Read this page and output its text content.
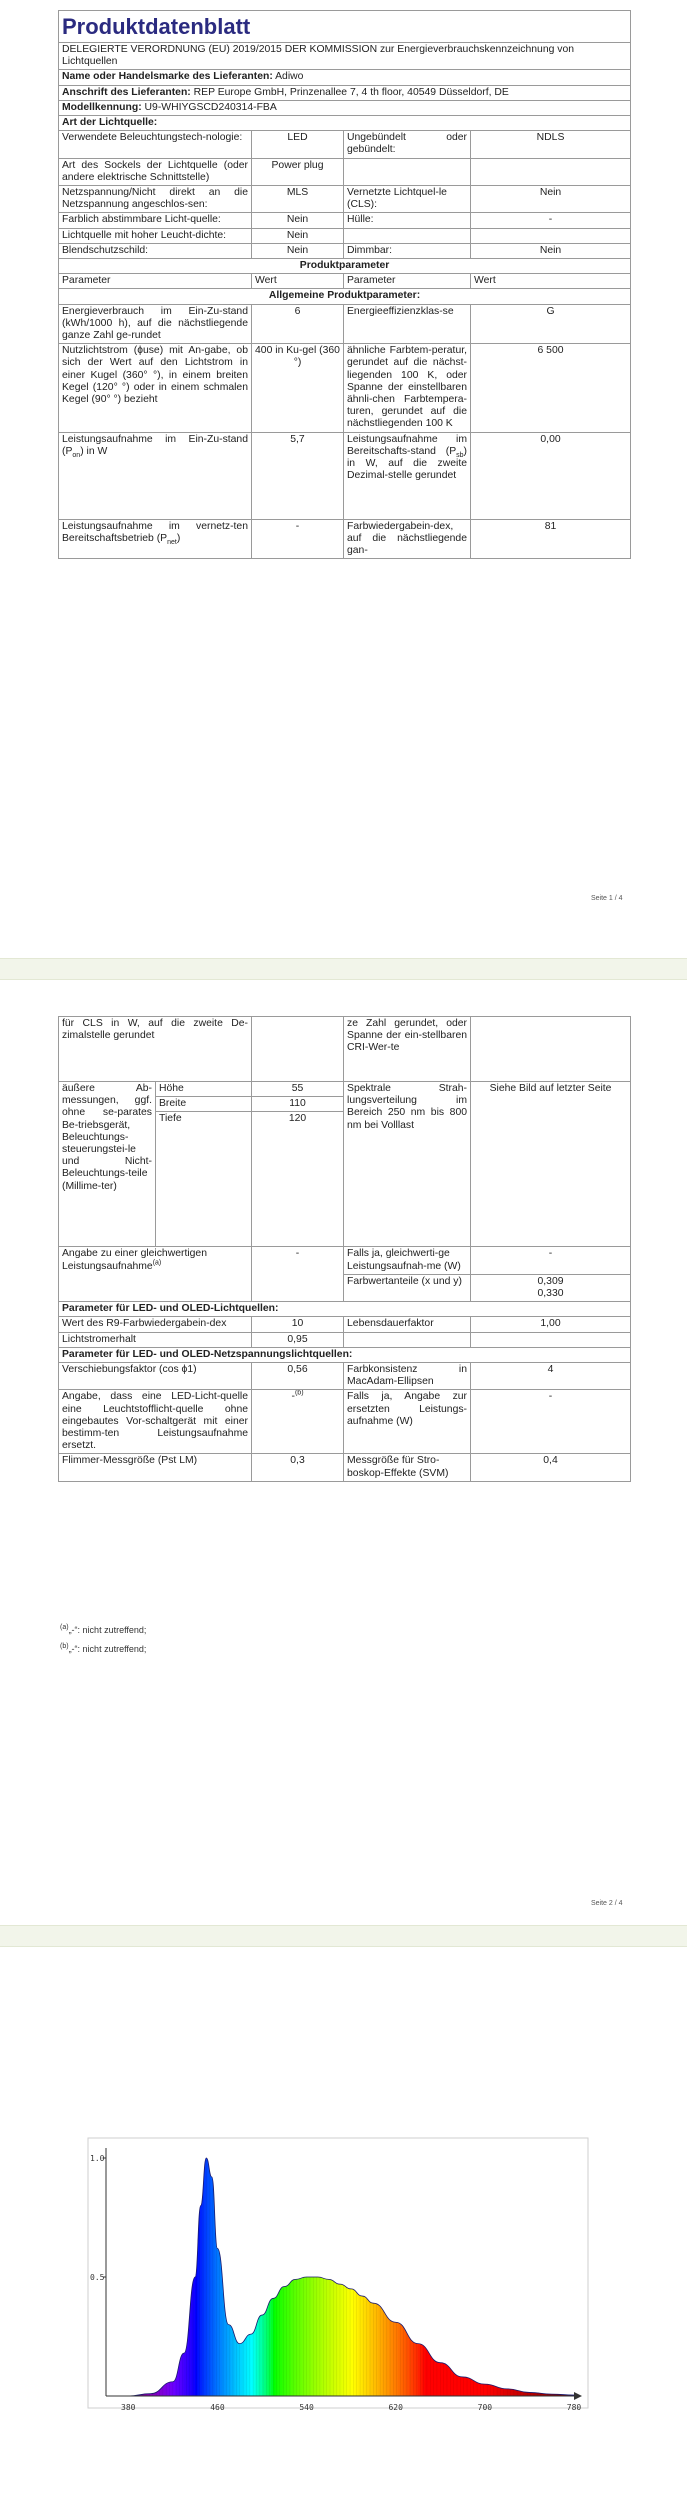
Produktdatenblatt			
DELEGIERTE VERORDNUNG (EU) 2019/2015 DER KOMMISSION zur Energieverbrauchskennzeichnung von Lichtquellen			
Name oder Handelsmarke des Lieferanten: Adiwo			
Anschrift des Lieferanten: REP Europe GmbH, Prinzenallee 7, 4 th floor, 40549 Düsseldorf, DE			
Modellkennung: U9-WHIYGSCD240314-FBA			
Art der Lichtquelle:			
Verwendete Beleuchtungstech-nologie:	LED	Ungebündelt oder gebündelt:	NDLS
Art des Sockels der Lichtquelle (oder andere elektrische Schnittstelle)	Power plug		
Netzspannung/Nicht direkt an die Netzspannung angeschlos-sen:	MLS	Vernetzte Lichtquel-le (CLS):	Nein
Farblich abstimmbare Licht-quelle:	Nein	Hülle:	-
Lichtquelle mit hoher Leucht-dichte:	Nein		
Blendschutzschild:	Nein	Dimmbar:	Nein
Produktparameter			
Parameter	Wert	Parameter	Wert
Allgemeine Produktparameter:			
Energieverbrauch im Ein-Zu-stand (kWh/1000 h), auf die nächstliegende ganze Zahl ge-rundet	6	Energieeffizienzklas-se	G
Nutzlichtstrom (ɸuse) mit An-gabe, ob sich der Wert auf den Lichtstrom in einer Kugel (360° °), in einem breiten Kegel (120° °) oder in einem schmalen Kegel (90° °) bezieht	400 in Ku-gel (360 °)	ähnliche Farbtem-peratur, gerundet auf die nächst-liegenden 100 K, oder Spanne der einstellbaren ähnli-chen Farbtempera-turen, gerundet auf die nächstliegenden 100 K	6 500
Leistungsaufnahme im Ein-Zu-stand $(P_{on})$ in W	5,7	Leistungsaufnahme im Bereitschafts-stand $(P_{sb})$ in W, auf die zweite Dezimal-stelle gerundet	0,00
Leistungsaufnahme im vernetz-ten Bereitschaftsbetrieb $(P_{net})$	-	Farbwiedergabein-dex, auf die nächstliegende gan-	81
Seite 1 / 4
für CLS in W, auf die zweite De-zimalstelle gerundet			ze Zahl gerundet, oder Spanne der ein-stellbaren CRI-Wer-te	
äußere Ab-messungen, ggf. ohne se-parates Be-triebsgerät, Beleuchtungs-steuerungstei-le und Nicht-Beleuchtungs-teile (Millime-ter)	Höhe	55	Spektrale Strah-lungsverteilung im Bereich 250 nm bis 800 nm bei Volllast	Siehe Bild auf letzter Seite
	Breite	110		
	Tiefe	120		
Angabe zu einer gleichwertigen Leistungsaufnahme$^{(a)}$		-	Falls ja, gleichwerti-ge Leistungsaufnah-me (W)	-
			Farbwertanteile (x und y)	0,309
0,330

Parameter für LED- und OLED-Lichtquellen:				
Wert des R9-Farbwiedergabein-dex		10	Lebensdauerfaktor	1,00
Lichtstromerhalt		0,95		
Parameter für LED- und OLED-Netzspannungslichtquellen:				
Verschiebungsfaktor (cos ϕ1)		0,56	Farbkonsistenz in MacAdam-Ellipsen	4
Angabe, dass eine LED-Licht-quelle eine Leuchtstofflicht-quelle ohne eingebautes Vor-schaltgerät mit einer bestimm-ten Leistungsaufnahme ersetzt.		-$^{(b)}$	Falls ja, Angabe zur ersetzten Leistungs-aufnahme (W)	-
Flimmer-Messgröße (Pst LM)		0,3	Messgröße für Stro-boskop-Effekte (SVM)	0,4
$^{(a)}$„-“: nicht zutreffend;
$^{(b)}$„-“: nicht zutreffend;
Seite 2 / 4
380	460	540	620	700	780
1.0
0.5
